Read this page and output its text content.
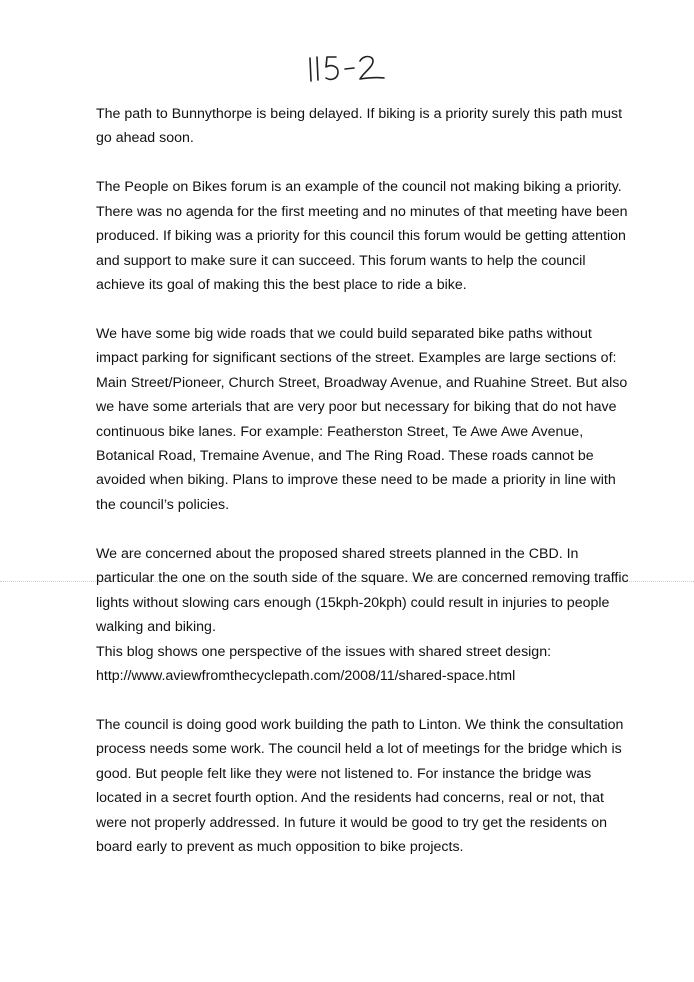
The path to Bunnythorpe is being delayed. If biking is a priority surely this path must
go ahead soon.

The People on Bikes forum is an example of the council not making biking a priority.
There was no agenda for the first meeting and no minutes of that meeting have been
produced. If biking was a priority for this council this forum would be getting attention
and support to make sure it can succeed. This forum wants to help the council
achieve its goal of making this the best place to ride a bike.

We have some big wide roads that we could build separated bike paths without
impact parking for significant sections of the street. Examples are large sections of:
Main Street/Pioneer, Church Street, Broadway Avenue, and Ruahine Street. But also
we have some arterials that are very poor but necessary for biking that do not have
continuous bike lanes. For example: Featherston Street, Te Awe Awe Avenue,
Botanical Road, Tremaine Avenue, and The Ring Road. These roads cannot be
avoided when biking. Plans to improve these need to be made a priority in line with
the council’s policies.

We are concerned about the proposed shared streets planned in the CBD. In
particular the one on the south side of the square. We are concerned removing traffic
lights without slowing cars enough (15kph-20kph) could result in injuries to people
walking and biking.

This blog shows one perspective of the issues with shared street design:
http://www.aviewfromthecyclepath.com/2008/11/shared-space.html

The council is doing good work building the path to Linton. We think the consultation
process needs some work. The council held a lot of meetings for the bridge which is
good. But people felt like they were not listened to. For instance the bridge was
located in a secret fourth option. And the residents had concerns, real or not, that
were not properly addressed. In future it would be good to try get the residents on
board early to prevent as much opposition to bike projects.
